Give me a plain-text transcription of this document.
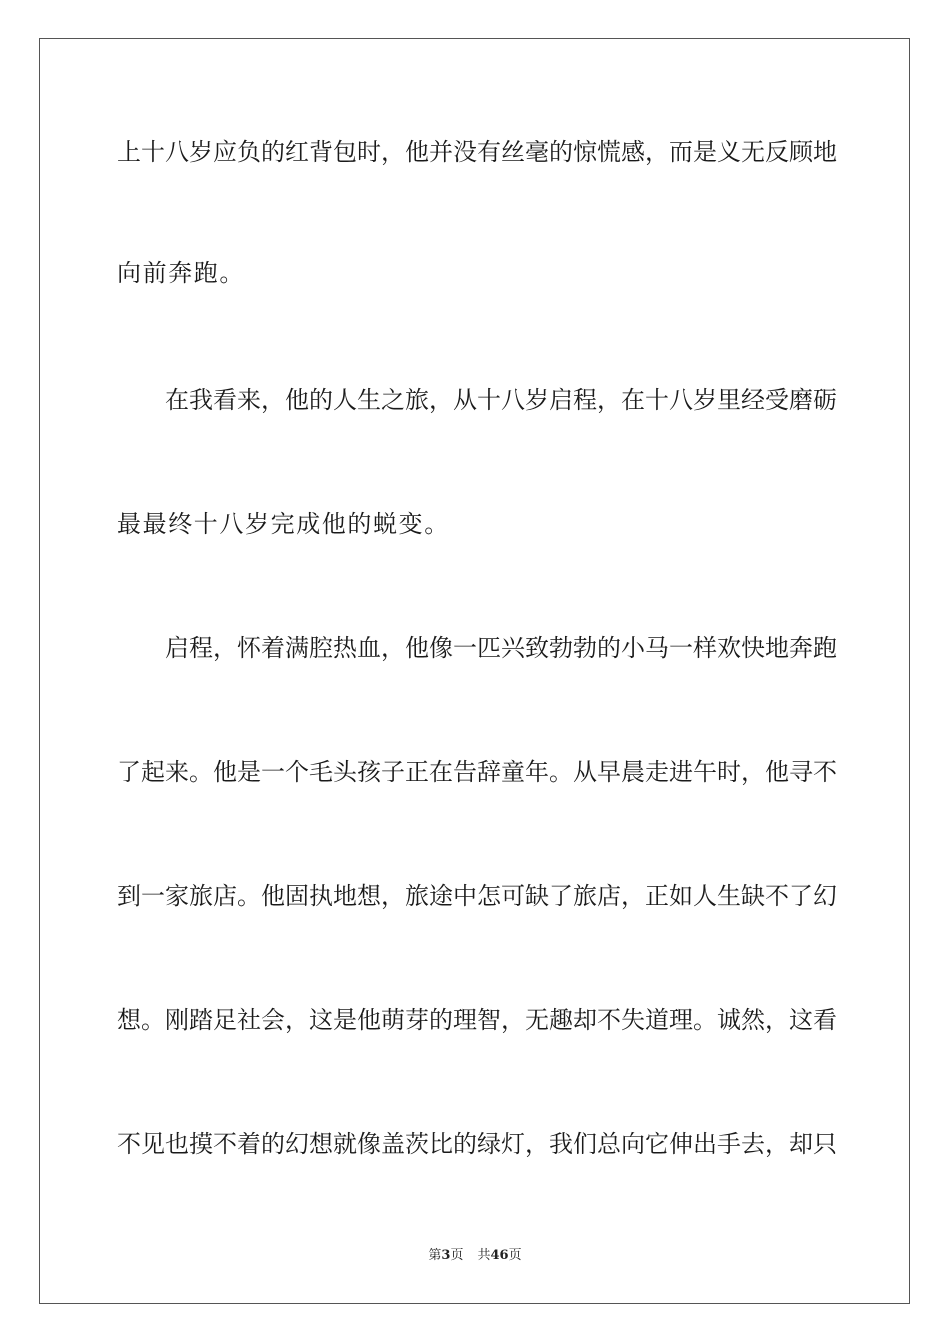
上十八岁应负的红背包时，他并没有丝毫的惊慌感，而是义无反顾地
向前奔跑。
在我看来，他的人生之旅，从十八岁启程，在十八岁里经受磨砺
最最终十八岁完成他的蜕变。
启程，怀着满腔热血，他像一匹兴致勃勃的小马一样欢快地奔跑
了起来。他是一个毛头孩子正在告辞童年。从早晨走进午时，他寻不
到一家旅店。他固执地想，旅途中怎可缺了旅店，正如人生缺不了幻
想。刚踏足社会，这是他萌芽的理智，无趣却不失道理。诚然，这看
不见也摸不着的幻想就像盖茨比的绿灯，我们总向它伸出手去，却只
第3页 共46页
